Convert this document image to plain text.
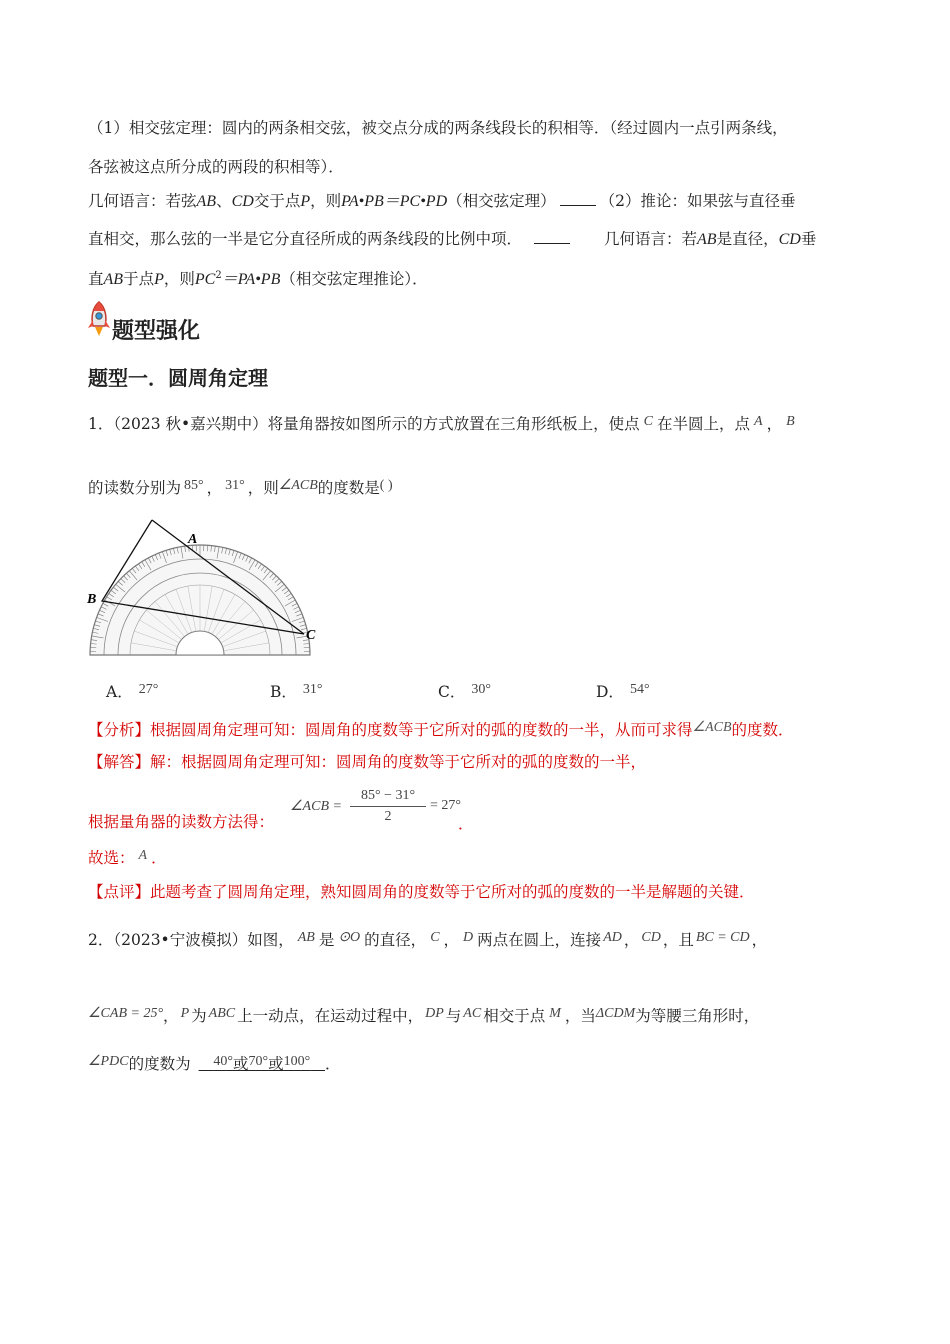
（1）相交弦定理：圆内的两条相交弦，被交点分成的两条线段长的积相等．（经过圆内一点引两条线，
各弦被这点所分成的两段的积相等）．
几何语言：若弦AB、CD交于点P，则PA•PB＝PC•PD（相交弦定理）	（2）推论：如果弦与直径垂
直相交，那么弦的一半是它分直径所成的两条线段的比例中项．	几何语言：若AB是直径，CD垂
直AB于点P，则$PC^2=PA•PB$（相交弦定理推论）．
题型强化
题型一．圆周角定理
1．（2023 秋•嘉兴期中）将量角器按如图所示的方式放置在三角形纸板上，使点 C 在半圆上，点 A ， B
的读数分别为 85° ， 31° ，则∠ACB的度数是( )
A
B
C
A． 27°	B． 31°	C． 30°	D． 54°
【分析】根据圆周角定理可知：圆周角的度数等于它所对的弧的度数的一半，从而可求得∠ACB的度数．
【解答】解：根据圆周角定理可知：圆周角的度数等于它所对的弧的度数的一半，
根据量角器的读数方法得：
∠ACB =
85° − 31°
2
= 27°
．
故选： A ．
【点评】此题考查了圆周角定理，熟知圆周角的度数等于它所对的弧的度数的一半是解题的关键．
2．（2023•宁波模拟）如图， AB 是 ⊙O 的直径， C ， D 两点在圆上，连接 AD ， CD ，且 BC = CD ，
∠CAB = 25°， P 为 ABC 上一动点，在运动过程中， DP 与 AC 相交于点 M ，当ΔCDM为等腰三角形时，
∠PDC的度数为 40°或70°或100° ．
